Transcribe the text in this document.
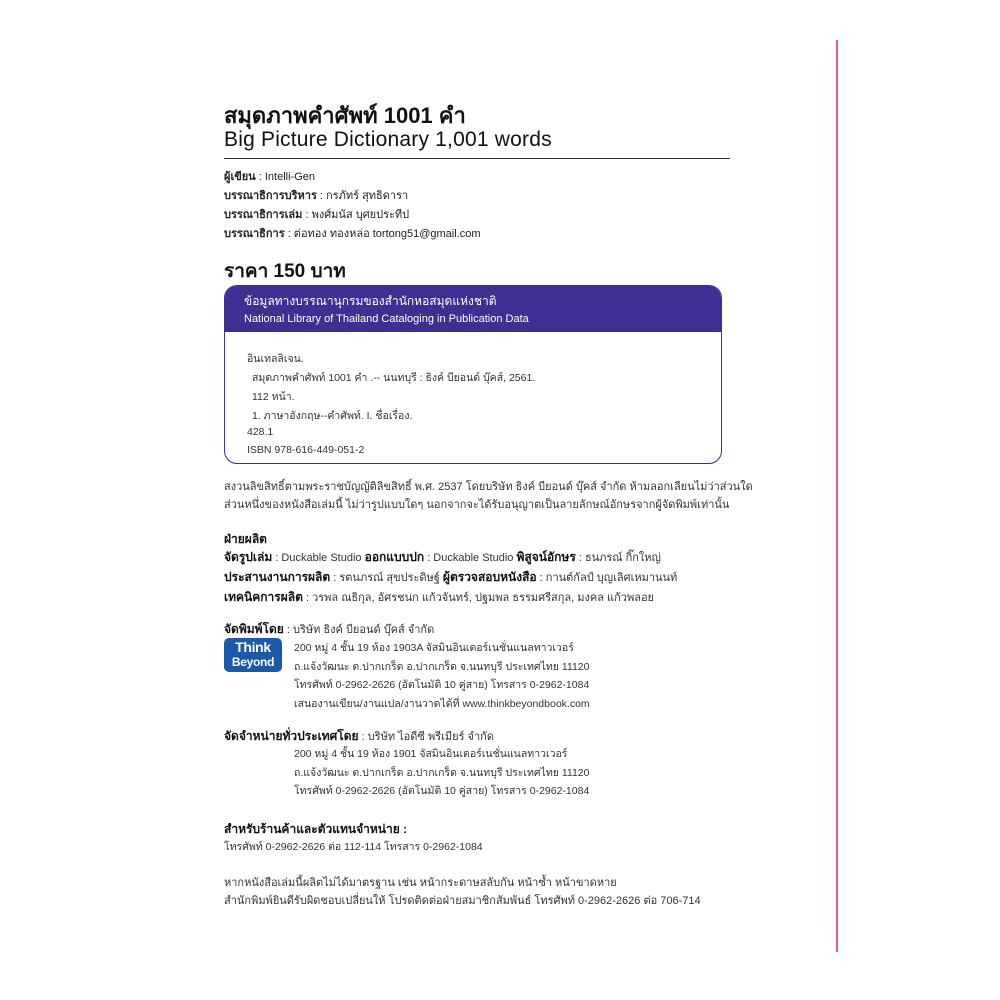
สมุดภาพคำศัพท์ 1001 คำ
Big Picture Dictionary 1,001 words
ผู้เขียน : Intelli-Gen
บรรณาธิการบริหาร : กรภัทร์ สุทธิดารา
บรรณาธิการเล่ม : พงศ์มนัส บุศยประทีป
บรรณาธิการ : ต่อทอง ทองหล่อ tortong51@gmail.com
ราคา 150 บาท
ข้อมูลทางบรรณานุกรมของสำนักหอสมุดแห่งชาติ
National Library of Thailand Cataloging in Publication Data
อินเทลลิเจน.
สมุดภาพคำศัพท์ 1001 คำ .-- นนทบุรี : ธิงค์ บียอนด์ บุ๊คส์, 2561.
112 หน้า.
1. ภาษาอังกฤษ--คำศัพท์. I. ชื่อเรื่อง.
428.1
ISBN 978-616-449-051-2
สงวนลิขสิทธิ์ตามพระราชบัญญัติลิขสิทธิ์ พ.ศ. 2537 โดยบริษัท ธิงค์ บียอนด์ บุ๊คส์ จำกัด ห้ามลอกเลียนไม่ว่าส่วนใด
ส่วนหนึ่งของหนังสือเล่มนี้ ไม่ว่ารูปแบบใดๆ นอกจากจะได้รับอนุญาตเป็นลายลักษณ์อักษรจากผู้จัดพิมพ์เท่านั้น
ฝ่ายผลิต
จัดรูปเล่ม : Duckable Studio ออกแบบปก : Duckable Studio พิสูจน์อักษร : ธนภรณ์ กิ๊กใหญ่
ประสานงานการผลิต : รตนภรณ์ สุขประดิษฐ์ ผู้ตรวจสอบหนังสือ : กานต์กัลป์ บุญเลิศเหมานนท์
เทคนิคการผลิต : วรพล ณธิกุล, อัศรชนก แก้วจันทร์, ปฐมพล ธรรมศรีสกุล, มงคล แก้วพลอย
จัดพิมพ์โดย : บริษัท ธิงค์ บียอนด์ บุ๊คส์ จำกัด
Think
Beyond
200 หมู่ 4 ชั้น 19 ห้อง 1903A จัสมินอินเตอร์เนชั่นแนลทาวเวอร์
ถ.แจ้งวัฒนะ ต.ปากเกร็ด อ.ปากเกร็ด จ.นนทบุรี ประเทศไทย 11120
โทรศัพท์ 0-2962-2626 (อัตโนมัติ 10 คู่สาย) โทรสาร 0-2962-1084
เสนองานเขียน/งานแปล/งานวาดได้ที่ www.thinkbeyondbook.com
จัดจำหน่ายทั่วประเทศโดย : บริษัท ไอดีซี พรีเมียร์ จำกัด
200 หมู่ 4 ชั้น 19 ห้อง 1901 จัสมินอินเตอร์เนชั่นแนลทาวเวอร์
ถ.แจ้งวัฒนะ ต.ปากเกร็ด อ.ปากเกร็ด จ.นนทบุรี ประเทศไทย 11120
โทรศัพท์ 0-2962-2626 (อัตโนมัติ 10 คู่สาย) โทรสาร 0-2962-1084
สำหรับร้านค้าและตัวแทนจำหน่าย :
โทรศัพท์ 0-2962-2626 ต่อ 112-114 โทรสาร 0-2962-1084
หากหนังสือเล่มนี้ผลิตไม่ได้มาตรฐาน เช่น หน้ากระดาษสลับกัน หน้าซ้ำ หน้าขาดหาย
สำนักพิมพ์ยินดีรับผิดชอบเปลี่ยนให้ โปรดติดต่อฝ่ายสมาชิกสัมพันธ์ โทรศัพท์ 0-2962-2626 ต่อ 706-714
